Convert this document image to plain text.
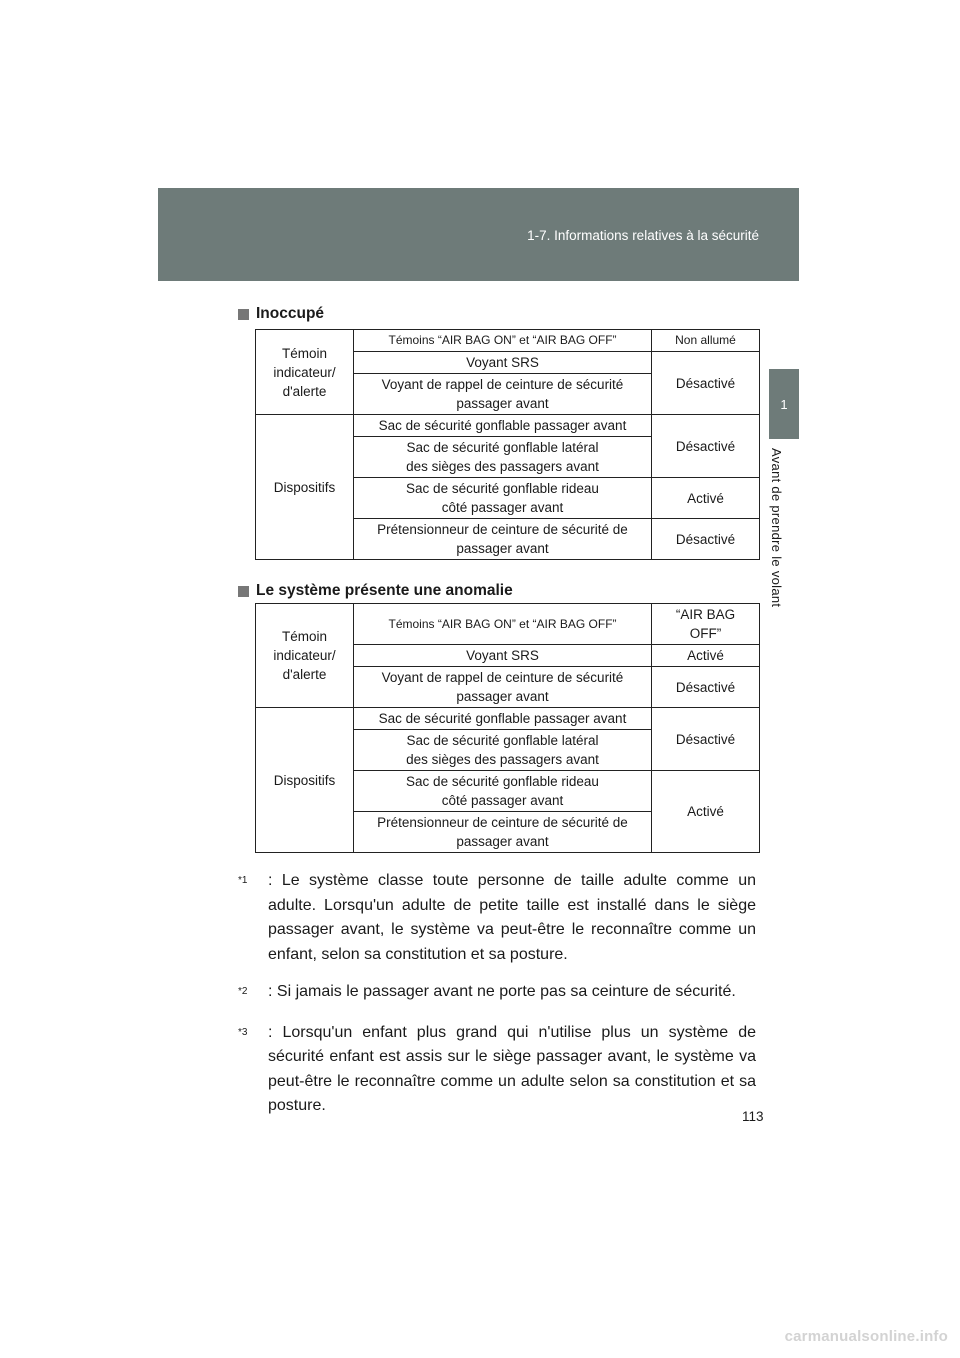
1-7. Informations relatives à la sécurité
1
Avant de prendre le volant
Inoccupé
Témoin
indicateur/
d'alerte	Témoins “AIR BAG ON” et “AIR BAG OFF”	Non allumé
	Voyant SRS	Désactivé
	Voyant de rappel de ceinture de sécurité
passager avant	
Dispositifs	Sac de sécurité gonflable passager avant	Désactivé
	Sac de sécurité gonflable latéral
des sièges des passagers avant	
	Sac de sécurité gonflable rideau
côté passager avant	Activé
	Prétensionneur de ceinture de sécurité de
passager avant	Désactivé
Le système présente une anomalie
Témoin
indicateur/
d'alerte	Témoins “AIR BAG ON” et “AIR BAG OFF”	“AIR BAG
OFF”
	Voyant SRS	Activé
	Voyant de rappel de ceinture de sécurité
passager avant	Désactivé
Dispositifs	Sac de sécurité gonflable passager avant	Désactivé
	Sac de sécurité gonflable latéral
des sièges des passagers avant	
	Sac de sécurité gonflable rideau
côté passager avant	Activé
	Prétensionneur de ceinture de sécurité de
passager avant	
$^{*1}$	: Le système classe toute personne de taille adulte comme un adulte. Lorsqu'un adulte de petite taille est installé dans le siège passager avant, le système va peut-être le reconnaître comme un enfant, selon sa constitution et sa posture.
$^{*2}$	: Si jamais le passager avant ne porte pas sa ceinture de sécurité.
$^{*3}$	: Lorsqu'un enfant plus grand qui n'utilise plus un système de sécurité enfant est assis sur le siège passager avant, le système va peut-être le reconnaître comme un adulte selon sa constitution et sa posture.
113
carmanualsonline.info
